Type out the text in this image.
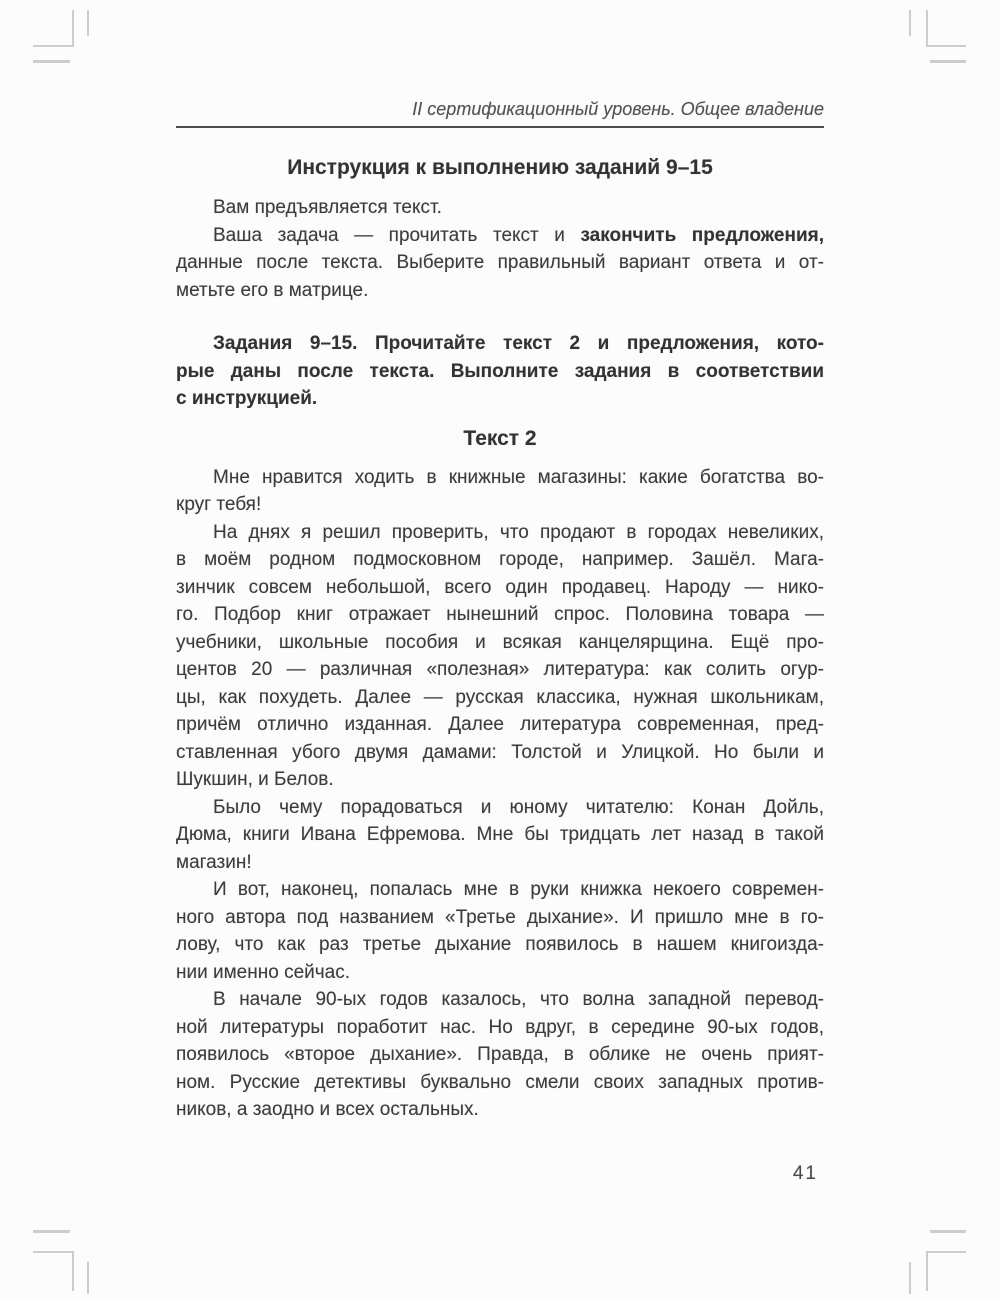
II сертификационный уровень. Общее владение
Инструкция к выполнению заданий 9–15
Вам предъявляется текст.
Ваша задача — прочитать текст и закончить предложения,
данные после текста. Выберите правильный вариант ответа и от-
метьте его в матрице.
Задания 9–15. Прочитайте текст 2 и предложения, кото-
рые даны после текста. Выполните задания в соответствии
с инструкцией.
Текст 2
Мне нравится ходить в книжные магазины: какие богатства во-
круг тебя!
На днях я решил проверить, что продают в городах невеликих,
в моём родном подмосковном городе, например. Зашёл. Мага-
зинчик совсем небольшой, всего один продавец. Народу — нико-
го. Подбор книг отражает нынешний спрос. Половина товара —
учебники, школьные пособия и всякая канцелярщина. Ещё про-
центов 20 — различная «полезная» литература: как солить огур-
цы, как похудеть. Далее — русская классика, нужная школьникам,
причём отлично изданная. Далее литература современная, пред-
ставленная убого двумя дамами: Толстой и Улицкой. Но были и
Шукшин, и Белов.
Было чему порадоваться и юному читателю: Конан Дойль,
Дюма, книги Ивана Ефремова. Мне бы тридцать лет назад в такой
магазин!
И вот, наконец, попалась мне в руки книжка некоего современ-
ного автора под названием «Третье дыхание». И пришло мне в го-
лову, что как раз третье дыхание появилось в нашем книгоизда-
нии именно сейчас.
В начале 90-ых годов казалось, что волна западной перевод-
ной литературы поработит нас. Но вдруг, в середине 90-ых годов,
появилось «второе дыхание». Правда, в облике не очень прият-
ном. Русские детективы буквально смели своих западных против-
ников, а заодно и всех остальных.
41
